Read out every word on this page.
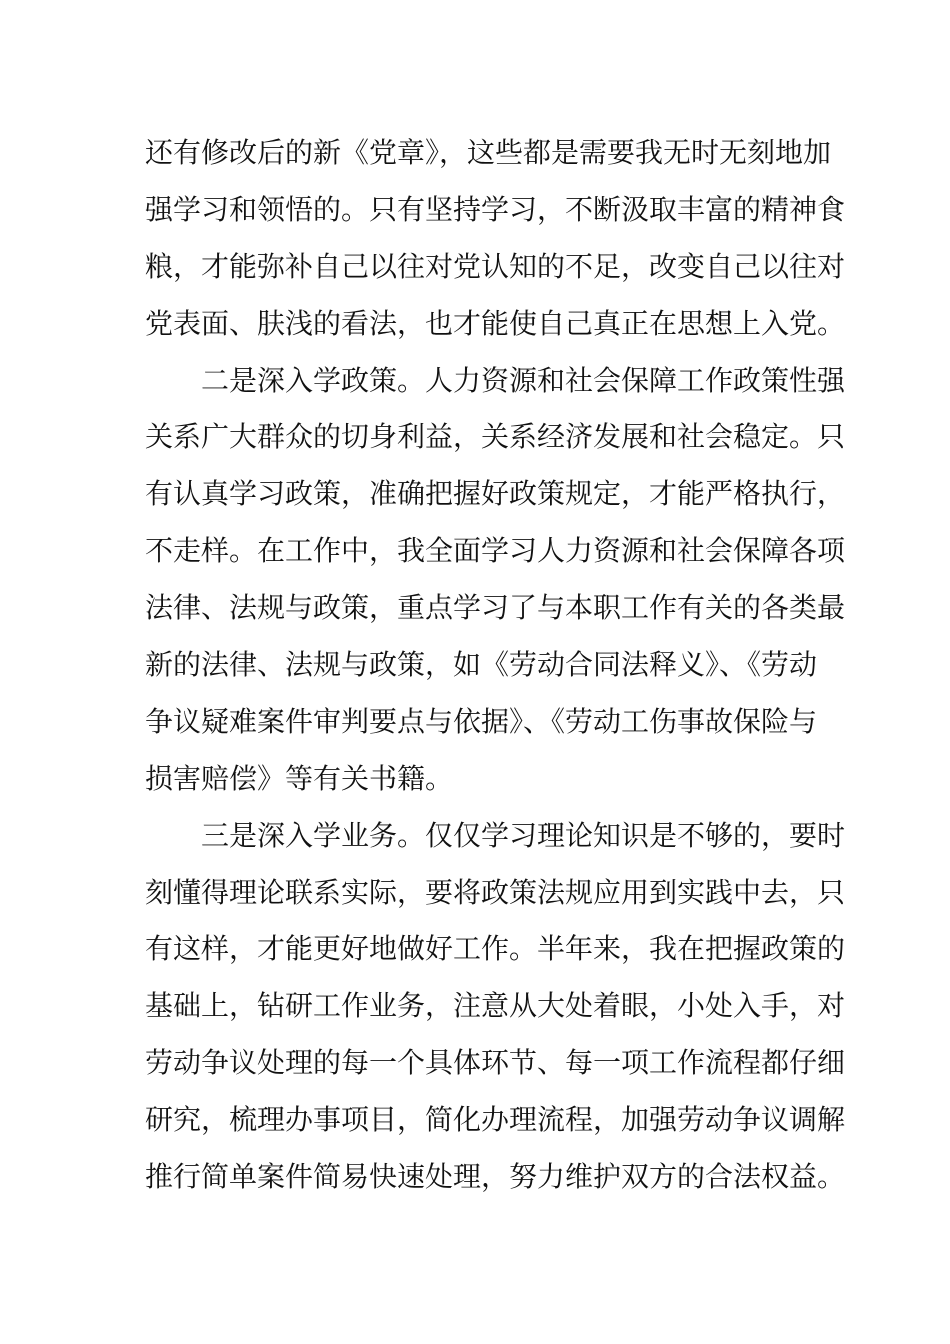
还有修改后的新《党章》，这些都是需要我无时无刻地加
强学习和领悟的。只有坚持学习，不断汲取丰富的精神食
粮，才能弥补自己以往对党认知的不足，改变自己以往对
党表面、肤浅的看法，也才能使自己真正在思想上入党。
二是深入学政策。人力资源和社会保障工作政策性强
关系广大群众的切身利益，关系经济发展和社会稳定。只
有认真学习政策，准确把握好政策规定，才能严格执行，
不走样。在工作中，我全面学习人力资源和社会保障各项
法律、法规与政策，重点学习了与本职工作有关的各类最
新的法律、法规与政策，如《劳动合同法释义》、《劳动
争议疑难案件审判要点与依据》、《劳动工伤事故保险与
损害赔偿》等有关书籍。
三是深入学业务。仅仅学习理论知识是不够的，要时
刻懂得理论联系实际，要将政策法规应用到实践中去，只
有这样，才能更好地做好工作。半年来，我在把握政策的
基础上，钻研工作业务，注意从大处着眼，小处入手，对
劳动争议处理的每一个具体环节、每一项工作流程都仔细
研究，梳理办事项目，简化办理流程，加强劳动争议调解
推行简单案件简易快速处理，努力维护双方的合法权益。
